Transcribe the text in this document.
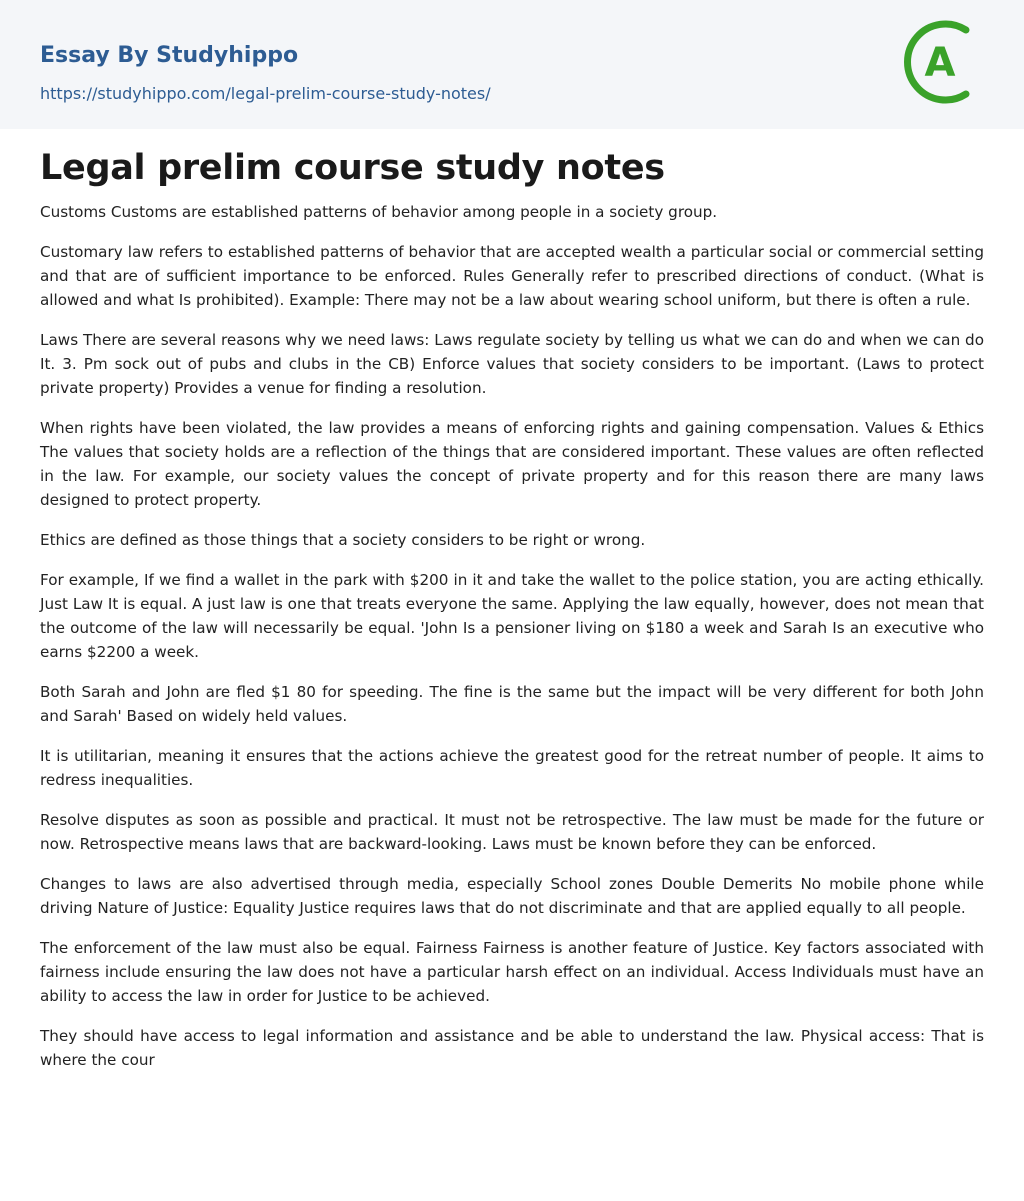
Essay By Studyhippo
https://studyhippo.com/legal-prelim-course-study-notes/
A
Legal prelim course study notes

Customs Customs are established patterns of behavior among people in a society group.

Customary law refers to established patterns of behavior that are accepted wealth a particular social or commercial setting and that are of sufficient importance to be enforced. Rules Generally refer to prescribed directions of conduct. (What is allowed and what Is prohibited). Example: There may not be a law about wearing school uniform, but there is often a rule.

Laws There are several reasons why we need laws: Laws regulate society by telling us what we can do and when we can do It. 3. Pm sock out of pubs and clubs in the CB) Enforce values that society considers to be important. (Laws to protect private property) Provides a venue for finding a resolution.

When rights have been violated, the law provides a means of enforcing rights and gaining compensation. Values & Ethics The values that society holds are a reflection of the things that are considered important. These values are often reflected in the law. For example, our society values the concept of private property and for this reason there are many laws designed to protect property.

Ethics are defined as those things that a society considers to be right or wrong.

For example, If we find a wallet in the park with $200 in it and take the wallet to the police station, you are acting ethically. Just Law It is equal. A just law is one that treats everyone the same. Applying the law equally, however, does not mean that the outcome of the law will necessarily be equal. 'John Is a pensioner living on $180 a week and Sarah Is an executive who earns $2200 a week.

Both Sarah and John are fled $1 80 for speeding. The fine is the same but the impact will be very different for both John and Sarah' Based on widely held values.

It is utilitarian, meaning it ensures that the actions achieve the greatest good for the retreat number of people. It aims to redress inequalities.

Resolve disputes as soon as possible and practical. It must not be retrospective. The law must be made for the future or now. Retrospective means laws that are backward-looking. Laws must be known before they can be enforced.

Changes to laws are also advertised through media, especially School zones Double Demerits No mobile phone while driving Nature of Justice: Equality Justice requires laws that do not discriminate and that are applied equally to all people.

The enforcement of the law must also be equal. Fairness Fairness is another feature of Justice. Key factors associated with fairness include ensuring the law does not have a particular harsh effect on an individual. Access Individuals must have an ability to access the law in order for Justice to be achieved.

They should have access to legal information and assistance and be able to understand the law. Physical access: That is where the cour
